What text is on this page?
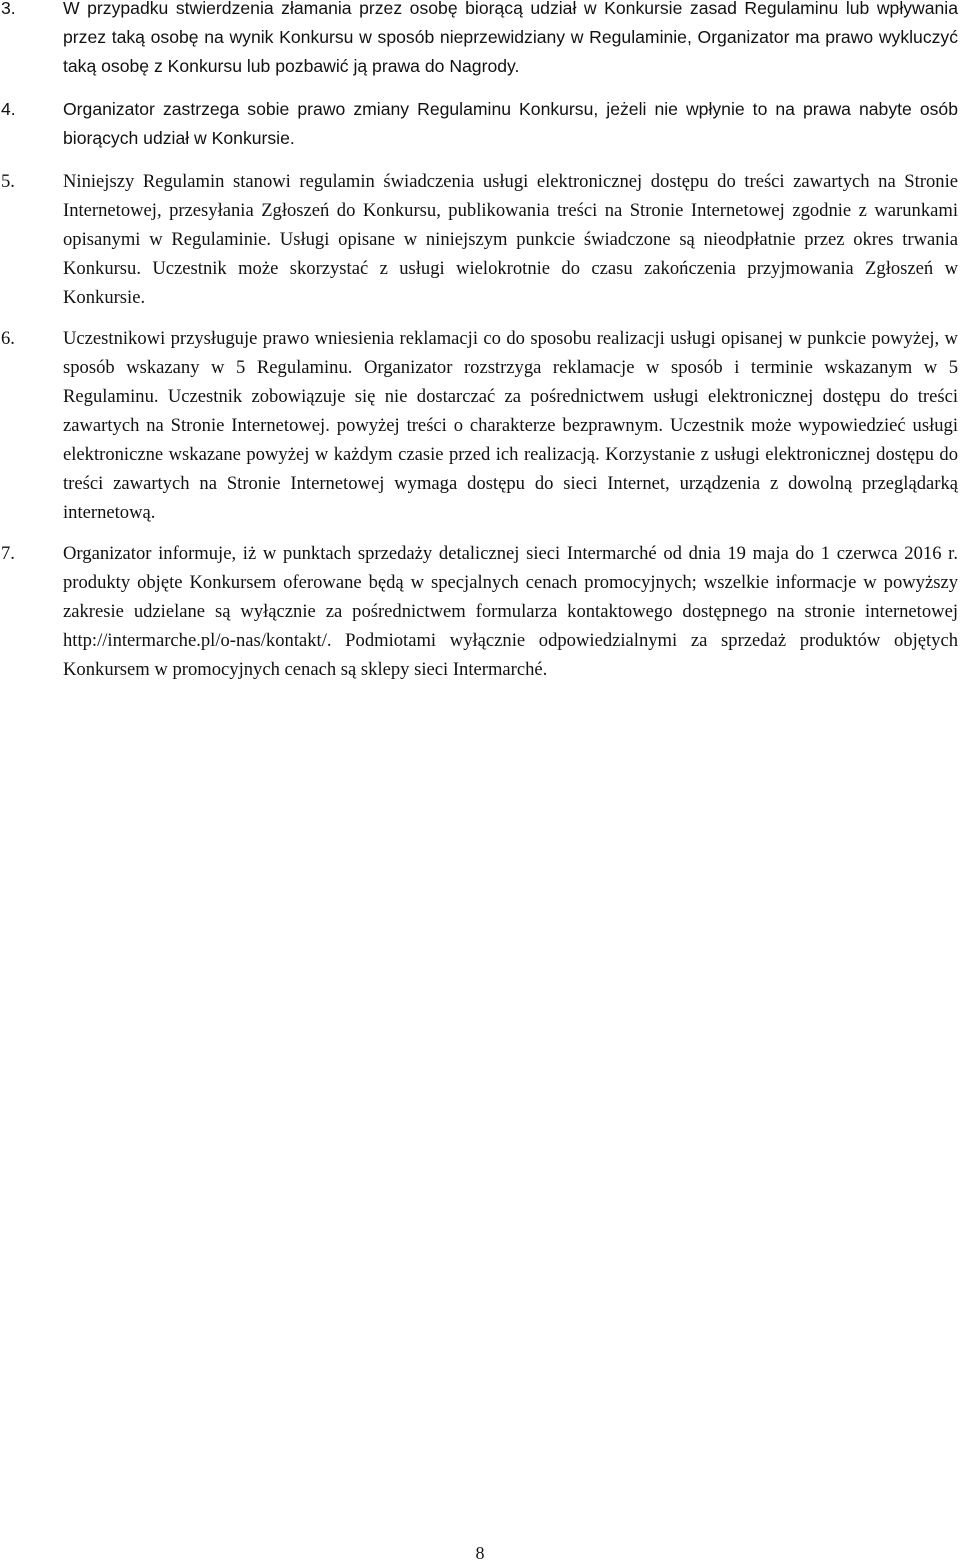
3.	W przypadku stwierdzenia złamania przez osobę biorącą udział w Konkursie zasad Regulaminu lub wpływania przez taką osobę na wynik Konkursu w sposób nieprzewidziany w Regulaminie, Organizator ma prawo wykluczyć taką osobę z Konkursu lub pozbawić ją prawa do Nagrody.
4.	Organizator zastrzega sobie prawo zmiany Regulaminu Konkursu, jeżeli nie wpłynie to na prawa nabyte osób biorących udział w Konkursie.
5.	Niniejszy Regulamin stanowi regulamin świadczenia usługi elektronicznej dostępu do treści zawartych na Stronie Internetowej, przesyłania Zgłoszeń do Konkursu, publikowania treści na Stronie Internetowej zgodnie z warunkami opisanymi w Regulaminie. Usługi opisane w niniejszym punkcie świadczone są nieodpłatnie przez okres trwania Konkursu. Uczestnik może skorzystać z usługi wielokrotnie do czasu zakończenia przyjmowania Zgłoszeń w Konkursie.
6.	Uczestnikowi przysługuje prawo wniesienia reklamacji co do sposobu realizacji usługi opisanej w punkcie powyżej, w sposób wskazany w 5 Regulaminu. Organizator rozstrzyga reklamacje w sposób i terminie wskazanym w 5 Regulaminu. Uczestnik zobowiązuje się nie dostarczać za pośrednictwem usługi elektronicznej dostępu do treści zawartych na Stronie Internetowej. powyżej treści o charakterze bezprawnym. Uczestnik może wypowiedzieć usługi elektroniczne wskazane powyżej w każdym czasie przed ich realizacją. Korzystanie z usługi elektronicznej dostępu do treści zawartych na Stronie Internetowej wymaga dostępu do sieci Internet, urządzenia z dowolną przeglądarką internetową.
7.	Organizator informuje, iż w punktach sprzedaży detalicznej sieci Intermarché od dnia 19 maja do 1 czerwca 2016 r. produkty objęte Konkursem oferowane będą w specjalnych cenach promocyjnych; wszelkie informacje w powyższy zakresie udzielane są wyłącznie za pośrednictwem formularza kontaktowego dostępnego na stronie internetowej http://intermarche.pl/o-nas/kontakt/. Podmiotami wyłącznie odpowiedzialnymi za sprzedaż produktów objętych Konkursem w promocyjnych cenach są sklepy sieci Intermarché.
8
